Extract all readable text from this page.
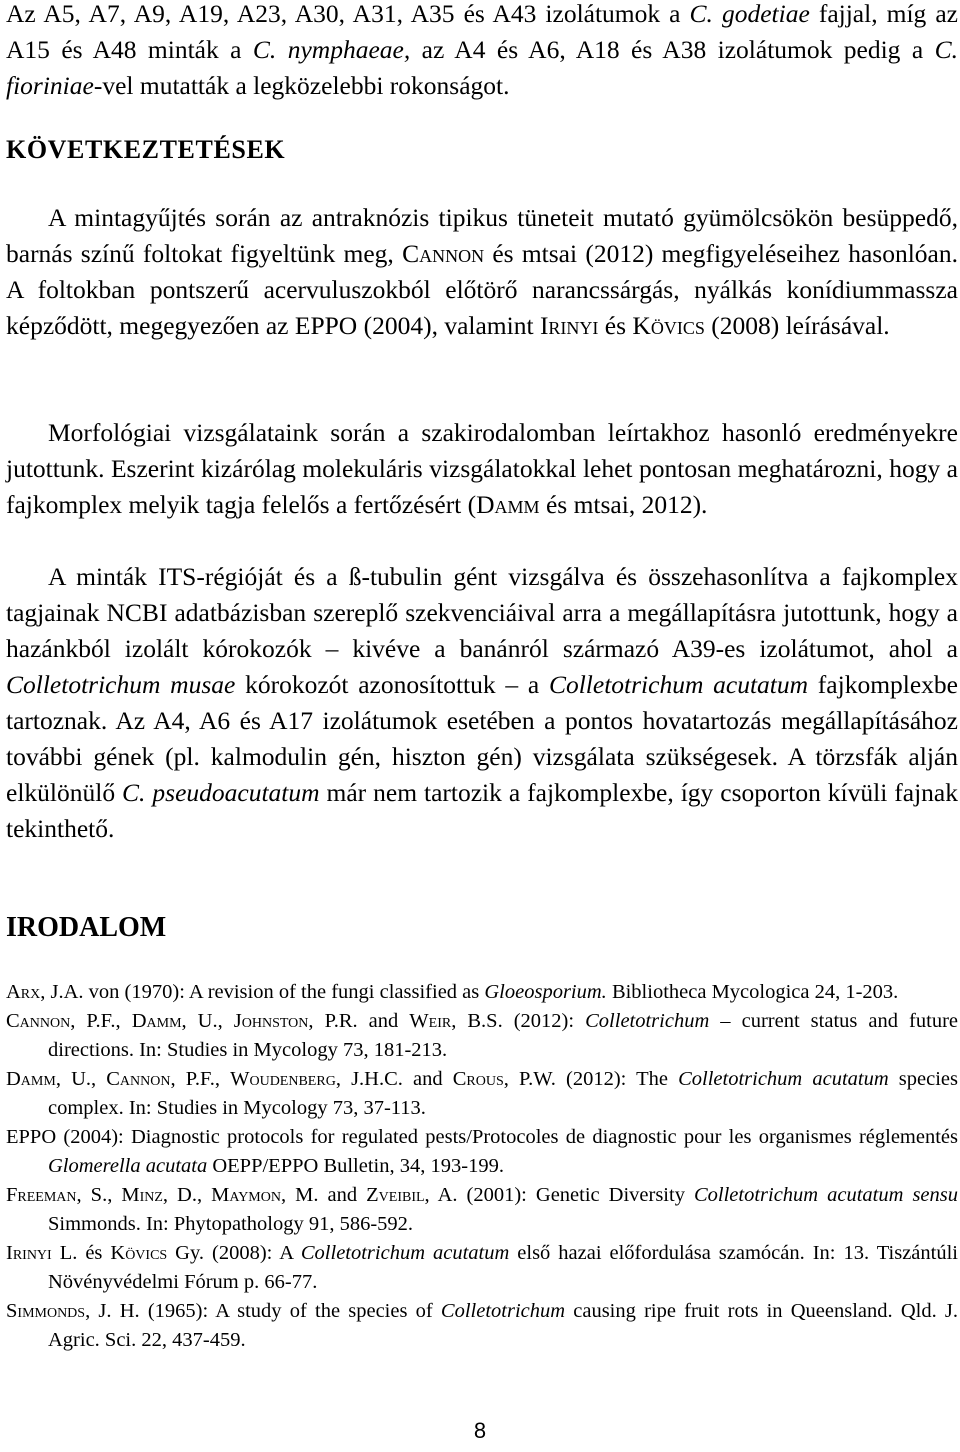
Az A5, A7, A9, A19, A23, A30, A31, A35 és A43 izolátumok a C. godetiae fajjal, míg az A15 és A48 minták a C. nymphaeae, az A4 és A6, A18 és A38 izolátumok pedig a C. fioriniae-vel mutatták a legközelebbi rokonságot.

KÖVETKEZTETÉSEK

A mintagyűjtés során az antraknózis tipikus tüneteit mutató gyümölcsökön besüppedő, barnás színű foltokat figyeltünk meg, Cannon és mtsai (2012) megfigyeléseihez hasonlóan. A foltokban pontszerű acervuluszokból előtörő narancssárgás, nyálkás konídiummassza képződött, megegyezően az EPPO (2004), valamint Irinyi és Kövics (2008) leírásával.

Morfológiai vizsgálataink során a szakirodalomban leírtakhoz hasonló eredményekre jutottunk. Eszerint kizárólag molekuláris vizsgálatokkal lehet pontosan meghatározni, hogy a fajkomplex melyik tagja felelős a fertőzésért (Damm és mtsai, 2012).

A minták ITS-régióját és a ß-tubulin gént vizsgálva és összehasonlítva a fajkomplex tagjainak NCBI adatbázisban szereplő szekvenciáival arra a megállapításra jutottunk, hogy a hazánkból izolált kórokozók – kivéve a banánról származó A39-es izolátumot, ahol a Colletotrichum musae kórokozót azonosítottuk – a Colletotrichum acutatum fajkomplexbe tartoznak. Az A4, A6 és A17 izolátumok esetében a pontos hovatartozás megállapításához további gének (pl. kalmodulin gén, hiszton gén) vizsgálata szükségesek. A törzsfák alján elkülönülő C. pseudoacutatum már nem tartozik a fajkomplexbe, így csoporton kívüli fajnak tekinthető.

IRODALOM

Arx, J.A. von (1970): A revision of the fungi classified as Gloeosporium. Bibliotheca Mycologica 24, 1-203.

Cannon, P.F., Damm, U., Johnston, P.R. and Weir, B.S. (2012): Colletotrichum – current status and future directions. In: Studies in Mycology 73, 181-213.

Damm, U., Cannon, P.F., Woudenberg, J.H.C. and Crous, P.W. (2012): The Colletotrichum acutatum species complex. In: Studies in Mycology 73, 37-113.

EPPO (2004): Diagnostic protocols for regulated pests/Protocoles de diagnostic pour les organismes réglementés Glomerella acutata OEPP/EPPO Bulletin, 34, 193-199.

Freeman, S., Minz, D., Maymon, M. and Zveibil, A. (2001): Genetic Diversity Colletotrichum acutatum sensu Simmonds. In: Phytopathology 91, 586-592.

Irinyi L. és Kövics Gy. (2008): A Colletotrichum acutatum első hazai előfordulása szamócán. In: 13. Tiszántúli Növényvédelmi Fórum p. 66-77.

Simmonds, J. H. (1965): A study of the species of Colletotrichum causing ripe fruit rots in Queensland. Qld. J. Agric. Sci. 22, 437-459.

8
